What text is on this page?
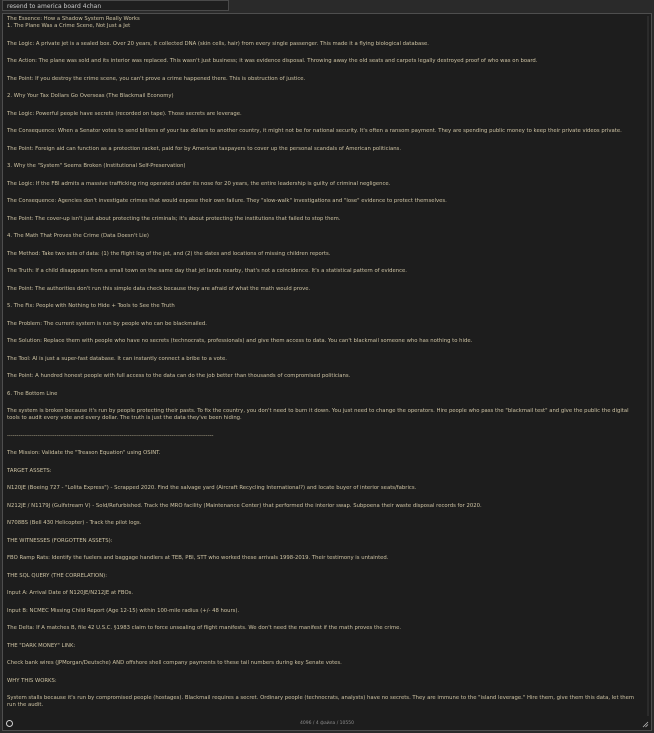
resend to america board 4chan

The Essence: How a Shadow System Really Works

1. The Plane Was a Crime Scene, Not Just a Jet

The Logic: A private jet is a sealed box. Over 20 years, it collected DNA (skin cells, hair) from every single passenger. This made it a flying biological database.

The Action: The plane was sold and its interior was replaced. This wasn't just business; it was evidence disposal. Throwing away the old seats and carpets legally destroyed proof of who was on board.

The Point: If you destroy the crime scene, you can't prove a crime happened there. This is obstruction of justice.

2. Why Your Tax Dollars Go Overseas (The Blackmail Economy)

The Logic: Powerful people have secrets (recorded on tape). Those secrets are leverage.

The Consequence: When a Senator votes to send billions of your tax dollars to another country, it might not be for national security. It's often a ransom payment. They are spending public money to keep their private videos private.

The Point: Foreign aid can function as a protection racket, paid for by American taxpayers to cover up the personal scandals of American politicians.

3. Why the "System" Seems Broken (Institutional Self-Preservation)

The Logic: If the FBI admits a massive trafficking ring operated under its nose for 20 years, the entire leadership is guilty of criminal negligence.

The Consequence: Agencies don't investigate crimes that would expose their own failure. They "slow-walk" investigations and "lose" evidence to protect themselves.

The Point: The cover-up isn't just about protecting the criminals; it's about protecting the institutions that failed to stop them.

4. The Math That Proves the Crime (Data Doesn't Lie)

The Method: Take two sets of data: (1) the flight log of the jet, and (2) the dates and locations of missing children reports.

The Truth: If a child disappears from a small town on the same day that jet lands nearby, that's not a coincidence. It's a statistical pattern of evidence.

The Point: The authorities don't run this simple data check because they are afraid of what the math would prove.

5. The Fix: People with Nothing to Hide + Tools to See the Truth

The Problem: The current system is run by people who can be blackmailed.

The Solution: Replace them with people who have no secrets (technocrats, professionals) and give them access to data. You can't blackmail someone who has nothing to hide.

The Tool: AI is just a super-fast database. It can instantly connect a bribe to a vote.

The Point: A hundred honest people with full access to the data can do the job better than thousands of compromised politicians.

6. The Bottom Line

The system is broken because it's run by people protecting their pasts. To fix the country, you don't need to burn it down. You just need to change the operators. Hire people who pass the "blackmail test" and give the public the digital tools to audit every vote and every dollar. The truth is just the data they've been hiding.

------------------------------------------------------------------------------------------------------------

The Mission: Validate the "Treason Equation" using OSINT.

TARGET ASSETS:

N120JE (Boeing 727 - "Lolita Express") - Scrapped 2020. Find the salvage yard (Aircraft Recycling International?) and locate buyer of interior seats/fabrics.

N212JE / N1179J (Gulfstream V) - Sold/Refurbished. Track the MRO facility (Maintenance Center) that performed the interior swap. Subpoena their waste disposal records for 2020.

N708BS (Bell 430 Helicopter) - Track the pilot logs.

THE WITNESSES (FORGOTTEN ASSETS):

FBO Ramp Rats: Identify the fuelers and baggage handlers at TEB, PBI, STT who worked these arrivals 1998-2019. Their testimony is untainted.

THE SQL QUERY (THE CORRELATION):

Input A: Arrival Date of N120JE/N212JE at FBOs.

Input B: NCMEC Missing Child Report (Age 12-15) within 100-mile radius (+/- 48 hours).

The Delta: If A matches B, file 42 U.S.C. §1983 claim to force unsealing of flight manifests. We don't need the manifest if the math proves the crime.

THE "DARK MONEY" LINK:

Check bank wires (JPMorgan/Deutsche) AND offshore shell company payments to these tail numbers during key Senate votes.

WHY THIS WORKS:

System stalls because it's run by compromised people (hostages). Blackmail requires a secret. Ordinary people (technocrats, analysts) have no secrets. They are immune to the "island leverage." Hire them, give them this data, let them run the audit.

4096 / 4 файла / 10550
